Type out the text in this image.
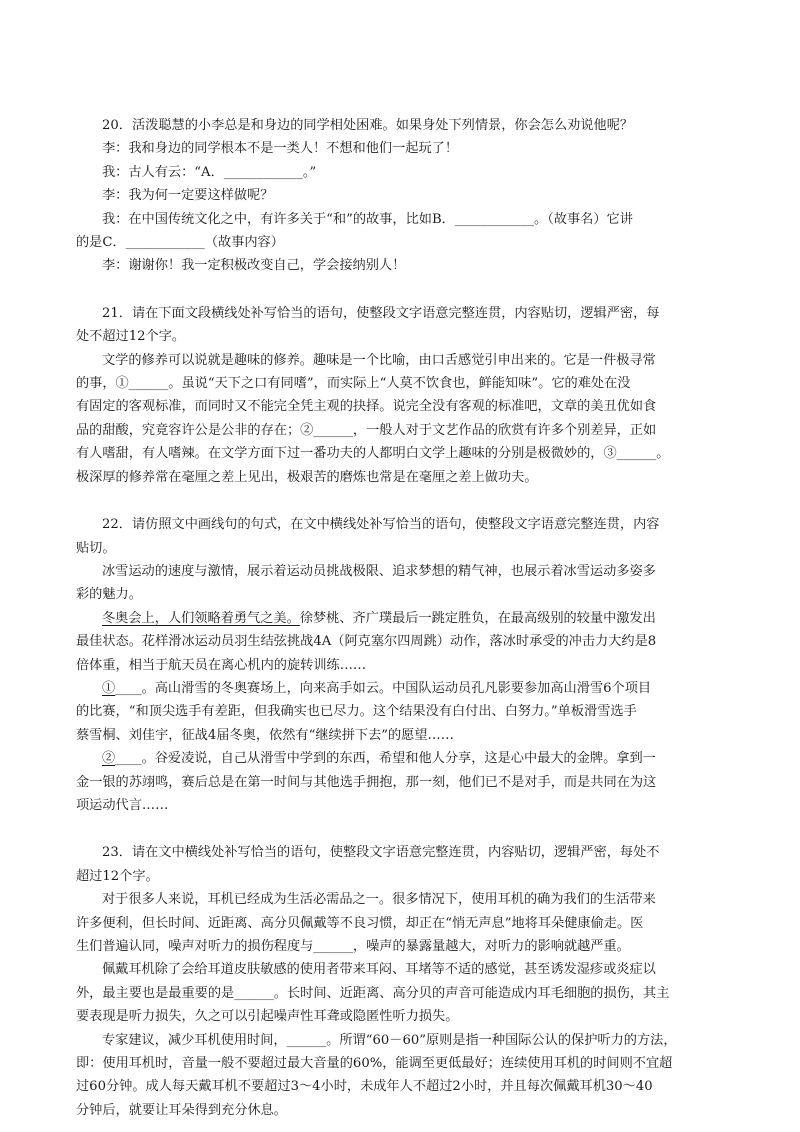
20．活泼聪慧的小李总是和身边的同学相处困难。如果身处下列情景，你会怎么劝说他呢？
李：我和身边的同学根本不是一类人！不想和他们一起玩了！
我：古人有云：“A．____________。”
李：我为何一定要这样做呢？
我：在中国传统文化之中，有许多关于“和”的故事，比如B．____________。（故事名）它讲
的是C．____________（故事内容）
李：谢谢你！我一定积极改变自己，学会接纳别人！
21．请在下面文段横线处补写恰当的语句，使整段文字语意完整连贯，内容贴切，逻辑严密，每
处不超过12个字。
文学的修养可以说就是趣味的修养。趣味是一个比喻，由口舌感觉引申出来的。它是一件极寻常
的事，①______。虽说“天下之口有同嗜”，而实际上“人莫不饮食也，鲜能知味”。它的难处在没
有固定的客观标准，而同时又不能完全凭主观的抉择。说完全没有客观的标准吧，文章的美丑优如食
品的甜酸，究竟容许公是公非的存在；②______，一般人对于文艺作品的欣赏有许多个别差异，正如
有人嗜甜，有人嗜辣。在文学方面下过一番功夫的人都明白文学上趣味的分别是极微妙的，③______。
极深厚的修养常在毫厘之差上见出，极艰苦的磨炼也常是在毫厘之差上做功夫。
22．请仿照文中画线句的句式，在文中横线处补写恰当的语句，使整段文字语意完整连贯，内容
贴切。
冰雪运动的速度与激情，展示着运动员挑战极限、追求梦想的精气神，也展示着冰雪运动多姿多
彩的魅力。
冬奥会上，人们领略着勇气之美。徐梦桃、齐广璞最后一跳定胜负，在最高级别的较量中激发出
最佳状态。花样滑冰运动员羽生结弦挑战4A（阿克塞尔四周跳）动作，落冰时承受的冲击力大约是8
倍体重，相当于航天员在离心机内的旋转训练……
①____。高山滑雪的冬奥赛场上，向来高手如云。中国队运动员孔凡影要参加高山滑雪6个项目
的比赛，“和顶尖选手有差距，但我确实也已尽力。这个结果没有白付出、白努力。”单板滑雪选手
蔡雪桐、刘佳宇，征战4届冬奥，依然有“继续拼下去”的愿望……
②____。谷爱凌说，自己从滑雪中学到的东西，希望和他人分享，这是心中最大的金牌。拿到一
金一银的苏翊鸣，赛后总是在第一时间与其他选手拥抱，那一刻，他们已不是对手，而是共同在为这
项运动代言……
23．请在文中横线处补写恰当的语句，使整段文字语意完整连贯，内容贴切，逻辑严密，每处不
超过12个字。
对于很多人来说，耳机已经成为生活必需品之一。很多情况下，使用耳机的确为我们的生活带来
许多便利，但长时间、近距离、高分贝佩戴等不良习惯，却正在“悄无声息”地将耳朵健康偷走。医
生们普遍认同，噪声对听力的损伤程度与______，噪声的暴露量越大，对听力的影响就越严重。
佩戴耳机除了会给耳道皮肤敏感的使用者带来耳闷、耳堵等不适的感觉，甚至诱发湿疹或炎症以
外，最主要也是最重要的是______。长时间、近距离、高分贝的声音可能造成内耳毛细胞的损伤，其主
要表现是听力损失，久之可以引起噪声性耳聋或隐匿性听力损失。
专家建议，减少耳机使用时间，______。所谓“60－60”原则是指一种国际公认的保护听力的方法，
即：使用耳机时，音量一般不要超过最大音量的60%，能调至更低最好；连续使用耳机的时间则不宜超
过60分钟。成人每天戴耳机不要超过3～4小时，未成年人不超过2小时，并且每次佩戴耳机30～40
分钟后，就要让耳朵得到充分休息。
